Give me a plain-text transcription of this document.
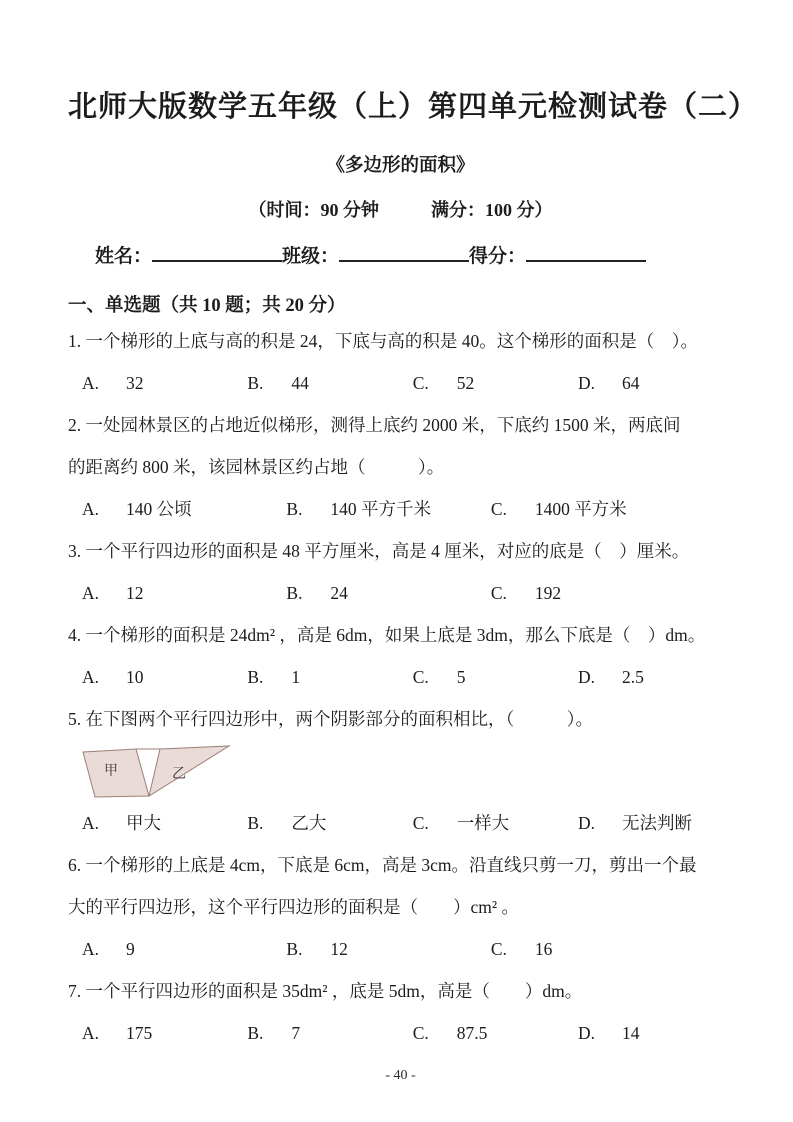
北师大版数学五年级（上）第四单元检测试卷（二）
《多边形的面积》
（时间：90 分钟	满分：100 分）
姓名：	班级：	得分：
一、单选题（共 10 题；共 20 分）
1. 一个梯形的上底与高的积是 24，下底与高的积是 40。这个梯形的面积是（　）。
A. 32	B. 44	C. 52	D. 64
2. 一处园林景区的占地近似梯形，测得上底约 2000 米，下底约 1500 米，两底间
的距离约 800 米，该园林景区约占地（　　　）。
A. 140 公顷	B. 140 平方千米	C. 1400 平方米
3. 一个平行四边形的面积是 48 平方厘米，高是 4 厘米，对应的底是（　）厘米。
A. 12	B. 24	C. 192
4. 一个梯形的面积是 24dm² ，高是 6dm，如果上底是 3dm，那么下底是（　）dm。
A. 10	B. 1	C. 5	D. 2.5
5. 在下图两个平行四边形中，两个阴影部分的面积相比，（　　　）。
甲	乙
A. 甲大	B. 乙大	C. 一样大	D. 无法判断
6. 一个梯形的上底是 4cm，下底是 6cm，高是 3cm。沿直线只剪一刀，剪出一个最
大的平行四边形，这个平行四边形的面积是（　　）cm² 。
A. 9	B. 12	C. 16
7. 一个平行四边形的面积是 35dm² ，底是 5dm，高是（　　）dm。
A. 175	B. 7	C. 87.5	D. 14
- 40 -
